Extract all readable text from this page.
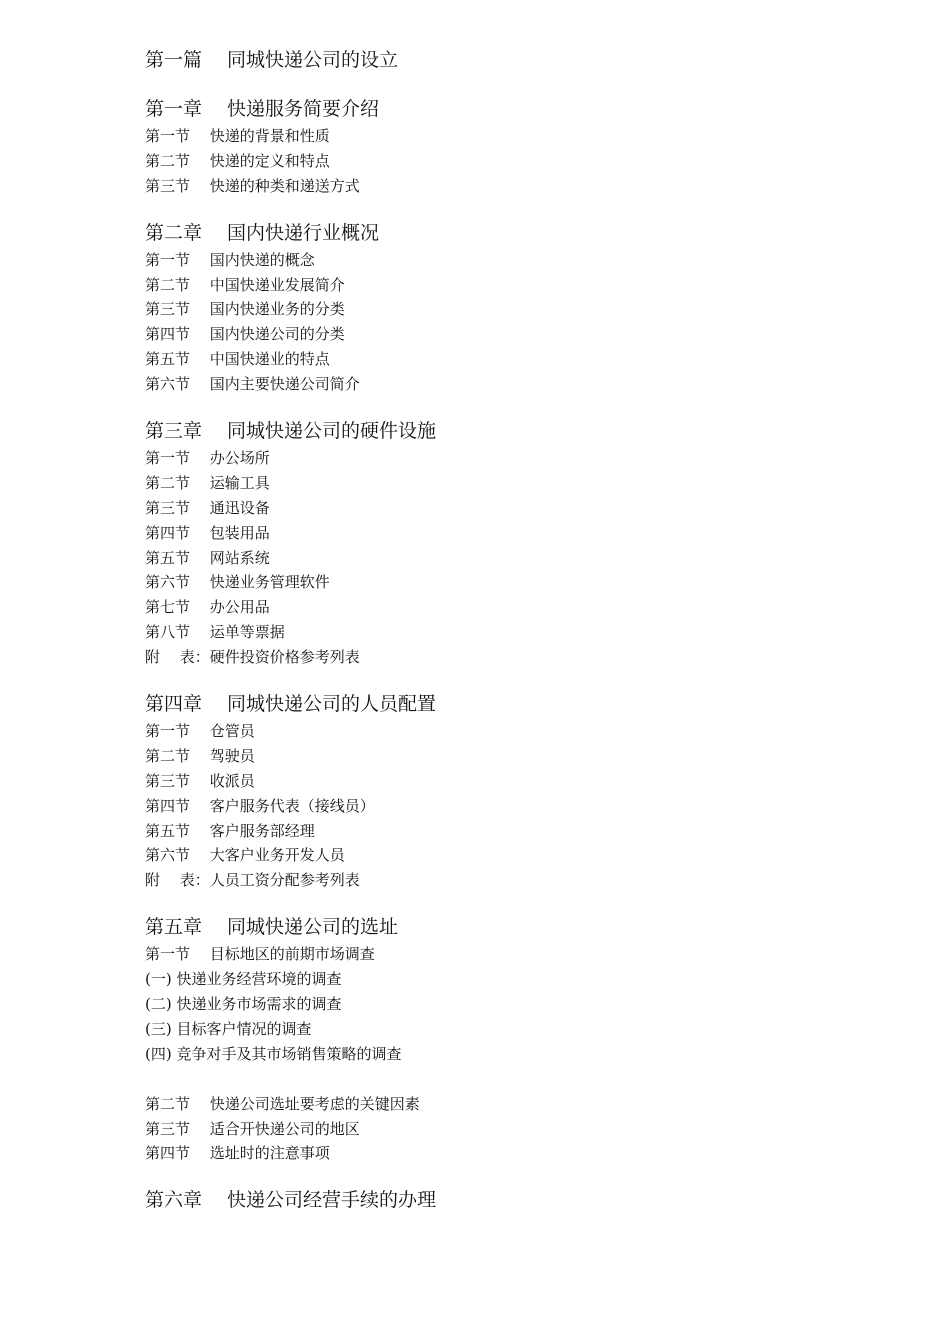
第一篇　 同城快递公司的设立
第一章　 快递服务简要介绍
第一节　 快递的背景和性质
第二节　 快递的定义和特点
第三节　 快递的种类和递送方式
第二章　 国内快递行业概况
第一节　 国内快递的概念
第二节　 中国快递业发展简介
第三节　 国内快递业务的分类
第四节　 国内快递公司的分类
第五节　 中国快递业的特点
第六节　 国内主要快递公司简介
第三章　 同城快递公司的硬件设施
第一节　 办公场所
第二节　 运输工具
第三节　 通迅设备
第四节　 包装用品
第五节　 网站系统
第六节　 快递业务管理软件
第七节　 办公用品
第八节　 运单等票据
附　 表：硬件投资价格参考列表
第四章　 同城快递公司的人员配置
第一节　 仓管员
第二节　 驾驶员
第三节　 收派员
第四节　 客户服务代表（接线员）
第五节　 客户服务部经理
第六节　 大客户业务开发人员
附　 表：人员工资分配参考列表
第五章　 同城快递公司的选址
第一节　 目标地区的前期市场调查
(一) 快递业务经营环境的调查
(二) 快递业务市场需求的调查
(三) 目标客户情况的调查
(四) 竞争对手及其市场销售策略的调查
第二节　 快递公司选址要考虑的关键因素
第三节　 适合开快递公司的地区
第四节　 选址时的注意事项
第六章　 快递公司经营手续的办理
